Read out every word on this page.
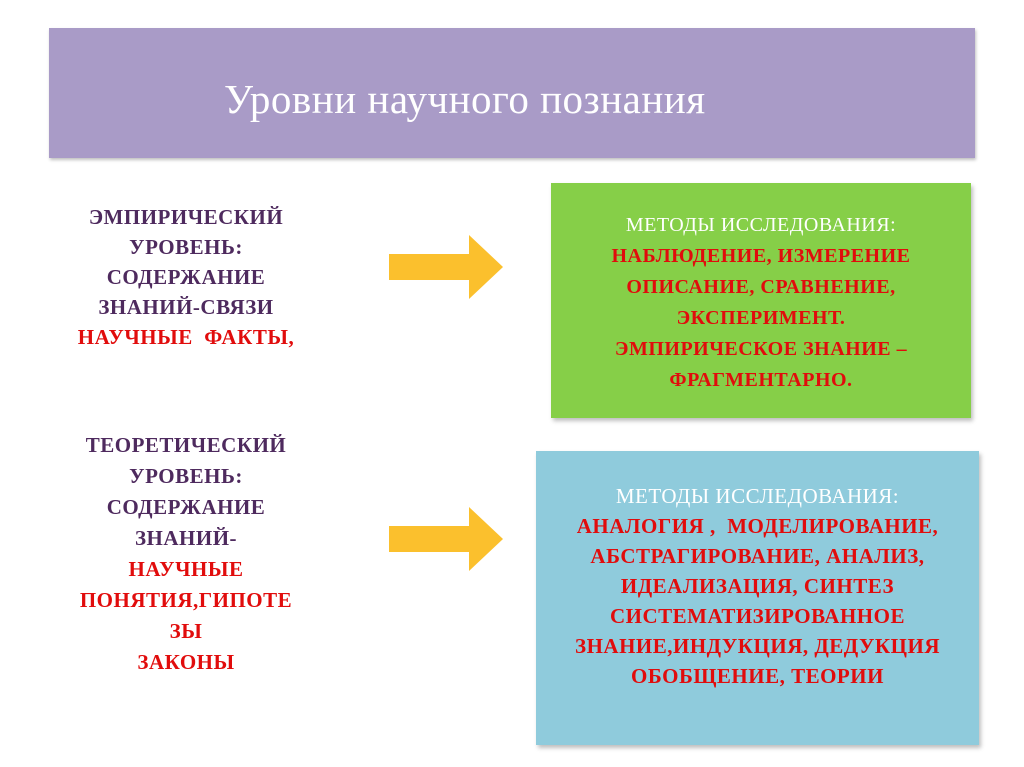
Уровни научного познания
ЭМПИРИЧЕСКИЙ
УРОВЕНЬ:
СОДЕРЖАНИЕ
ЗНАНИЙ-СВЯЗИ
НАУЧНЫЕ  ФАКТЫ,
МЕТОДЫ ИССЛЕДОВАНИЯ:
НАБЛЮДЕНИЕ, ИЗМЕРЕНИЕ
ОПИСАНИЕ, СРАВНЕНИЕ,
ЭКСПЕРИМЕНТ.
ЭМПИРИЧЕСКОЕ ЗНАНИЕ –
ФРАГМЕНТАРНО.
ТЕОРЕТИЧЕСКИЙ
УРОВЕНЬ:
СОДЕРЖАНИЕ
ЗНАНИЙ-
НАУЧНЫЕ
ПОНЯТИЯ,ГИПОТЕ
ЗЫ
ЗАКОНЫ
МЕТОДЫ ИССЛЕДОВАНИЯ:
АНАЛОГИЯ ,  МОДЕЛИРОВАНИЕ,
АБСТРАГИРОВАНИЕ, АНАЛИЗ,
ИДЕАЛИЗАЦИЯ, СИНТЕЗ
СИСТЕМАТИЗИРОВАННОЕ
ЗНАНИЕ,ИНДУКЦИЯ, ДЕДУКЦИЯ
ОБОБЩЕНИЕ, ТЕОРИИ
